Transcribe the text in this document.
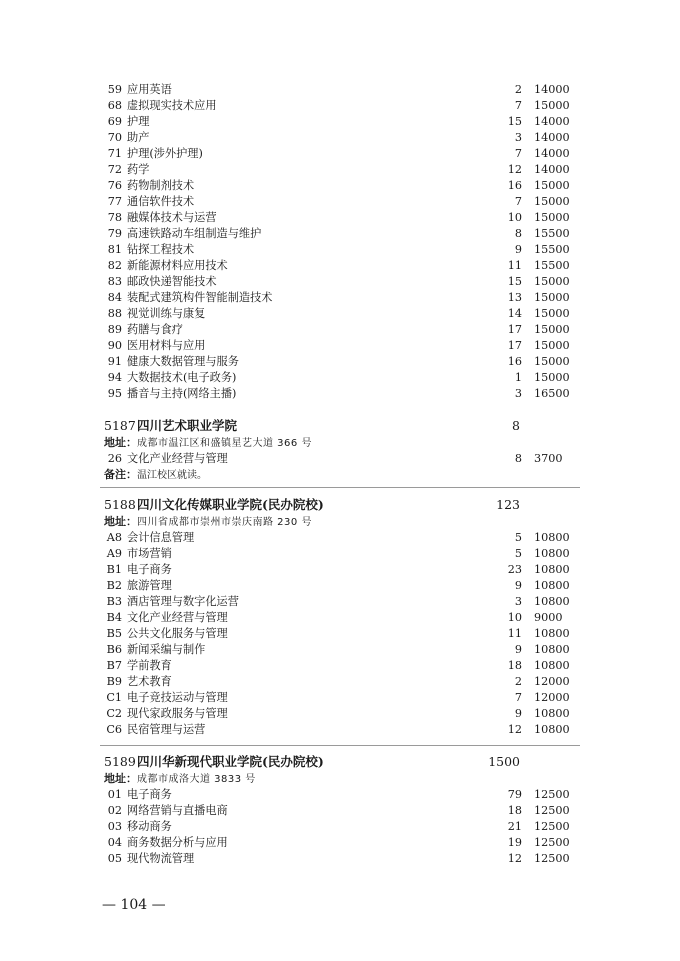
59 应用英语	2 14000
68 虚拟现实技术应用	7 15000
69 护理	15 14000
70 助产	3 14000
71 护理(涉外护理)	7 14000
72 药学	12 14000
76 药物制剂技术	16 15000
77 通信软件技术	7 15000
78 融媒体技术与运营	10 15000
79 高速铁路动车组制造与维护	8 15500
81 钻探工程技术	9 15500
82 新能源材料应用技术	11 15500
83 邮政快递智能技术	15 15000
84 装配式建筑构件智能制造技术	13 15000
88 视觉训练与康复	14 15000
89 药膳与食疗	17 15000
90 医用材料与应用	17 15000
91 健康大数据管理与服务	16 15000
94 大数据技术(电子政务)	1 15000
95 播音与主持(网络主播)	3 16500
5187 四川艺术职业学院	8
地址：成都市温江区和盛镇星艺大道 366 号
26 文化产业经营与管理	8 3700
备注：温江校区就读。
5188 四川文化传媒职业学院(民办院校)	123
地址：四川省成都市崇州市崇庆南路 230 号
A8 会计信息管理	5 10800
A9 市场营销	5 10800
B1 电子商务	23 10800
B2 旅游管理	9 10800
B3 酒店管理与数字化运营	3 10800
B4 文化产业经营与管理	10 9000
B5 公共文化服务与管理	11 10800
B6 新闻采编与制作	9 10800
B7 学前教育	18 10800
B9 艺术教育	2 12000
C1 电子竞技运动与管理	7 12000
C2 现代家政服务与管理	9 10800
C6 民宿管理与运营	12 10800
5189 四川华新现代职业学院(民办院校)	1500
地址：成都市成洛大道 3833 号
01 电子商务	79 12500
02 网络营销与直播电商	18 12500
03 移动商务	21 12500
04 商务数据分析与应用	19 12500
05 现代物流管理	12 12500
— 104 —
